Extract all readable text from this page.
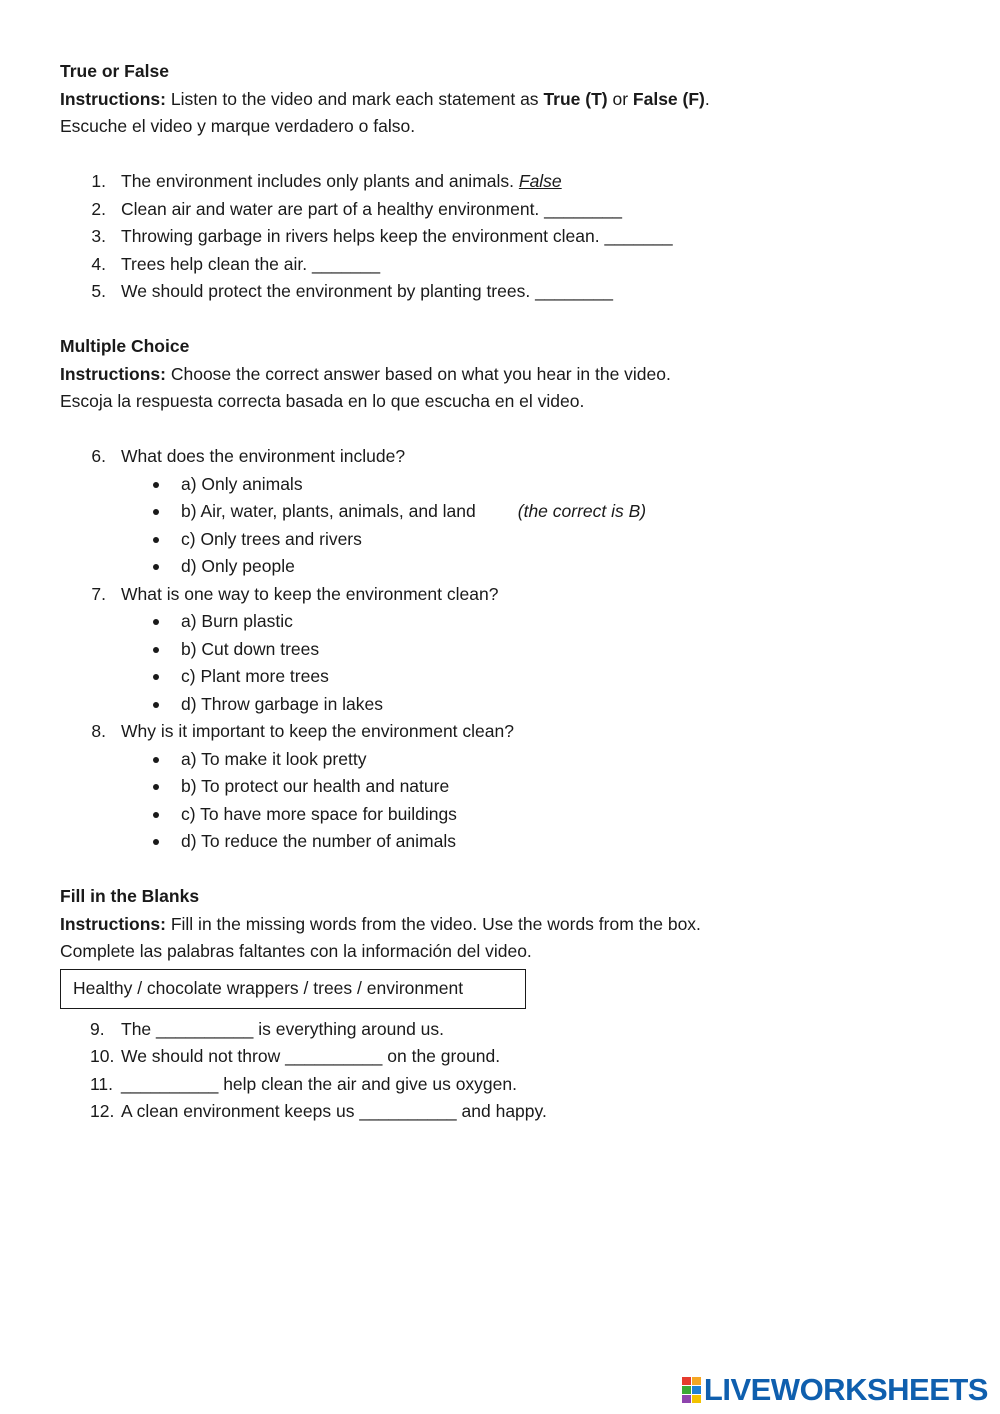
True or False
Instructions: Listen to the video and mark each statement as True (T) or False (F).
Escuche el video y marque verdadero o falso.
1. The environment includes only plants and animals. False
2. Clean air and water are part of a healthy environment. ________
3. Throwing garbage in rivers helps keep the environment clean. _______
4. Trees help clean the air. _______
5. We should protect the environment by planting trees. ________
Multiple Choice
Instructions: Choose the correct answer based on what you hear in the video.
Escoja la respuesta correcta basada en lo que escucha en el video.
6. What does the environment include?
a) Only animals
b) Air, water, plants, animals, and land (the correct is B)
c) Only trees and rivers
d) Only people
7. What is one way to keep the environment clean?
a) Burn plastic
b) Cut down trees
c) Plant more trees
d) Throw garbage in lakes
8. Why is it important to keep the environment clean?
a) To make it look pretty
b) To protect our health and nature
c) To have more space for buildings
d) To reduce the number of animals
Fill in the Blanks
Instructions: Fill in the missing words from the video. Use the words from the box.
Complete las palabras faltantes con la información del video.
Healthy / chocolate wrappers / trees / environment
9. The __________ is everything around us.
10. We should not throw __________ on the ground.
11. __________ help clean the air and give us oxygen.
12. A clean environment keeps us __________ and happy.
LIVEWORKSHEETS
